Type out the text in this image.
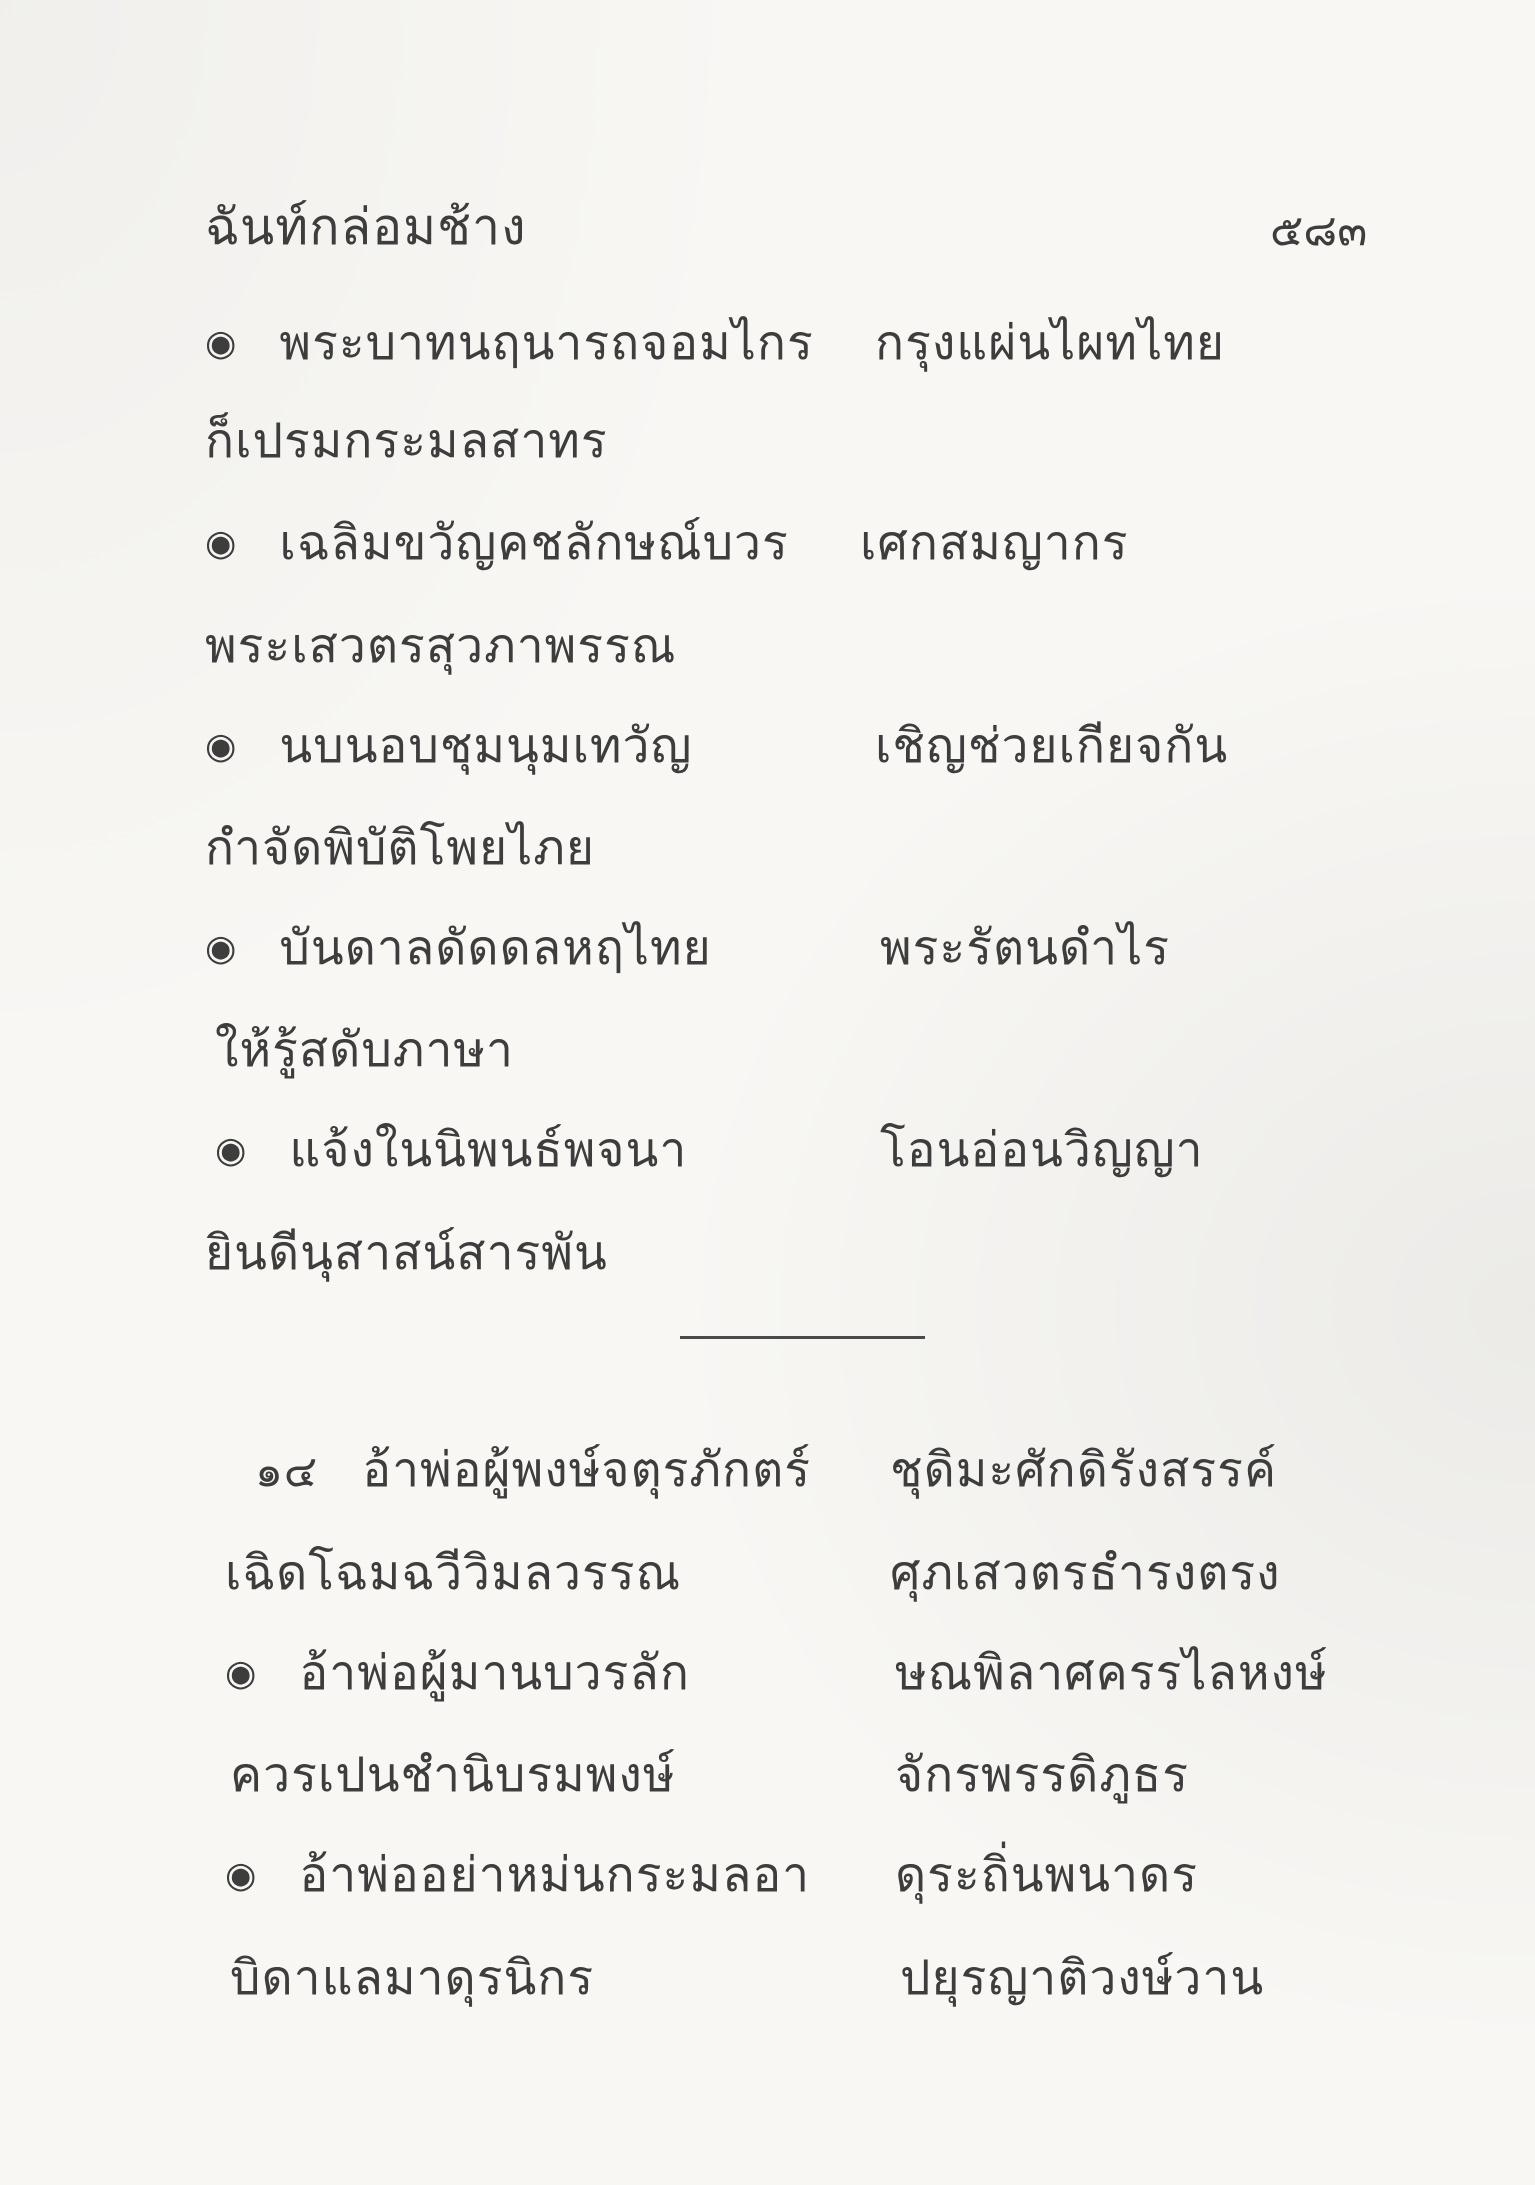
ฉันท์กล่อมช้าง	๕๘๓
◉ พระบาทนฤนารถจอมไกร กรุงแผ่นไผทไทย
ก็เปรมกระมลสาทร
◉ เฉลิมขวัญคชลักษณ์บวร เศกสมญากร
พระเสวตรสุวภาพรรณ
◉ นบนอบชุมนุมเทวัญ	เชิญช่วยเกียจกัน
กำจัดพิบัติโพยไภย
◉ บันดาลดัดดลหฤไทย	พระรัตนดำไร
ให้รู้สดับภาษา
◉ แจ้งในนิพนธ์พจนา	โอนอ่อนวิญญา
ยินดีนุสาสน์สารพัน
๑๔ อ้าพ่อผู้พงษ์จตุรภักตร์ ชุดิมะศักดิรังสรรค์
เฉิดโฉมฉวีวิมลวรรณ	ศุภเสวตรธำรงตรง
◉ อ้าพ่อผู้มานบวรลัก	ษณพิลาศครรไลหงษ์
ควรเปนชำนิบรมพงษ์	จักรพรรดิภูธร
◉ อ้าพ่ออย่าหม่นกระมลอา ดุระถิ่นพนาดร
บิดาแลมาดุรนิกร	ปยุรญาติวงษ์วาน
